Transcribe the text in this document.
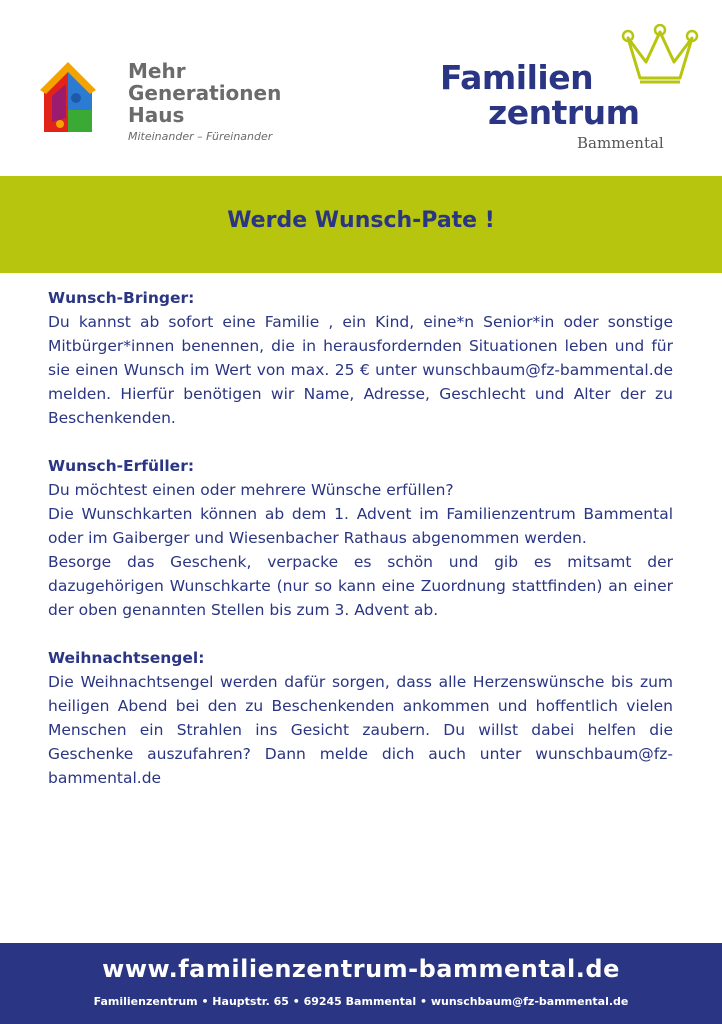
Mehr
Generationen
Haus
Miteinander – Füreinander
Familien
zentrum
Bammental
Werde Wunsch-Pate !
Wunsch-Bringer:

Du kannst ab sofort eine Familie , ein Kind, eine*n Senior*in oder sonstige Mitbürger*innen benennen, die in herausfordernden Situationen leben und für sie einen Wunsch im Wert von max. 25 € unter wunschbaum@fz-bammental.de melden. Hierfür benötigen wir Name, Adresse, Geschlecht und Alter der zu Beschenkenden.

Wunsch-Erfüller:

Du möchtest einen oder mehrere Wünsche erfüllen?

Die Wunschkarten können ab dem 1. Advent im Familienzentrum Bammental oder im Gaiberger und Wiesenbacher Rathaus abgenommen werden.

Besorge das Geschenk, verpacke es schön und gib es mitsamt der dazugehörigen Wunschkarte (nur so kann eine Zuordnung stattfinden) an einer der oben genannten Stellen bis zum 3. Advent ab.

Weihnachtsengel:

Die Weihnachtsengel werden dafür sorgen, dass alle Herzenswünsche bis zum heiligen Abend bei den zu Beschenkenden ankommen und hoffentlich vielen Menschen ein Strahlen ins Gesicht zaubern. Du willst dabei helfen die Geschenke auszufahren? Dann melde dich auch unter wunschbaum@fz-bammental.de

www.familienzentrum-bammental.de
Familienzentrum • Hauptstr. 65 • 69245 Bammental • wunschbaum@fz-bammental.de
